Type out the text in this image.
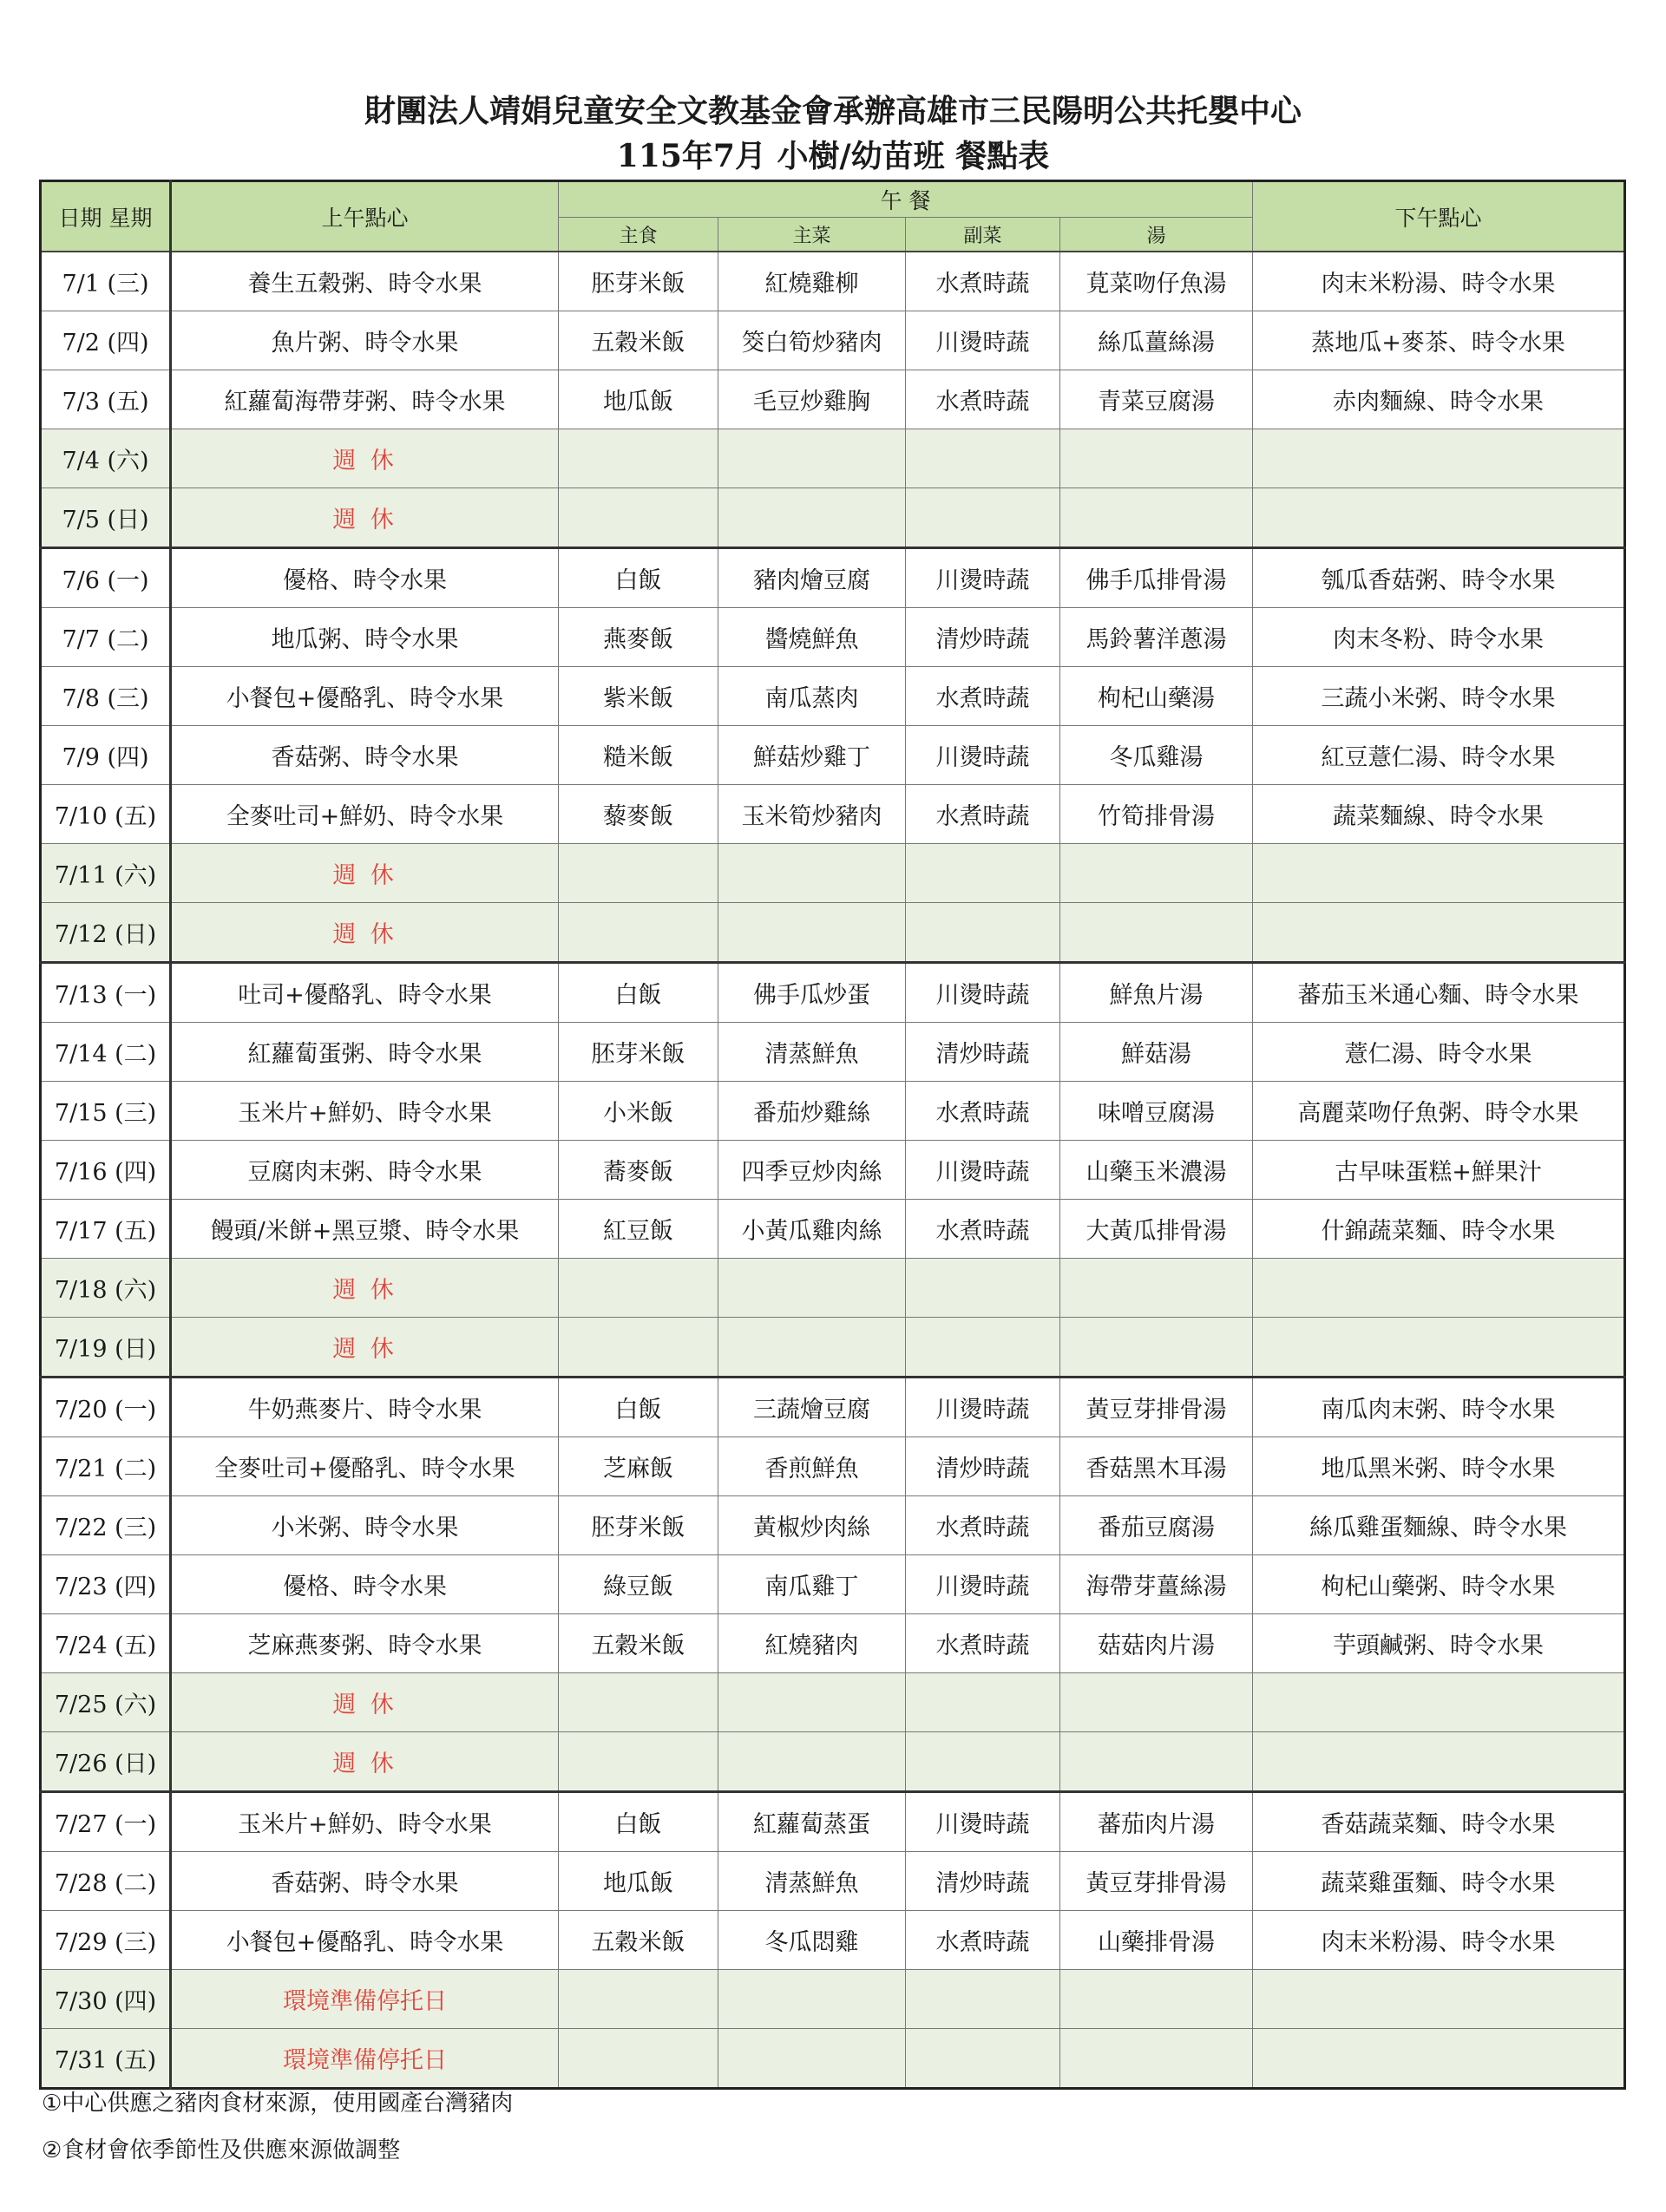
財團法人靖娟兒童安全文教基金會承辦高雄市三民陽明公共托嬰中心
115年7月 小樹/幼苗班 餐點表
日期 星期	上午點心	午 餐				下午點心
		主食	主菜	副菜	湯	
7/1 (三)	養生五穀粥、時令水果	胚芽米飯	紅燒雞柳	水煮時蔬	莧菜吻仔魚湯	肉末米粉湯、時令水果
7/2 (四)	魚片粥、時令水果	五穀米飯	筊白筍炒豬肉	川燙時蔬	絲瓜薑絲湯	蒸地瓜+麥茶、時令水果
7/3 (五)	紅蘿蔔海帶芽粥、時令水果	地瓜飯	毛豆炒雞胸	水煮時蔬	青菜豆腐湯	赤肉麵線、時令水果
7/4 (六)	週 休					
7/5 (日)	週 休					
7/6 (一)	優格、時令水果	白飯	豬肉燴豆腐	川燙時蔬	佛手瓜排骨湯	瓠瓜香菇粥、時令水果
7/7 (二)	地瓜粥、時令水果	燕麥飯	醬燒鮮魚	清炒時蔬	馬鈴薯洋蔥湯	肉末冬粉、時令水果
7/8 (三)	小餐包+優酪乳、時令水果	紫米飯	南瓜蒸肉	水煮時蔬	枸杞山藥湯	三蔬小米粥、時令水果
7/9 (四)	香菇粥、時令水果	糙米飯	鮮菇炒雞丁	川燙時蔬	冬瓜雞湯	紅豆薏仁湯、時令水果
7/10 (五)	全麥吐司+鮮奶、時令水果	藜麥飯	玉米筍炒豬肉	水煮時蔬	竹筍排骨湯	蔬菜麵線、時令水果
7/11 (六)	週 休					
7/12 (日)	週 休					
7/13 (一)	吐司+優酪乳、時令水果	白飯	佛手瓜炒蛋	川燙時蔬	鮮魚片湯	蕃茄玉米通心麵、時令水果
7/14 (二)	紅蘿蔔蛋粥、時令水果	胚芽米飯	清蒸鮮魚	清炒時蔬	鮮菇湯	薏仁湯、時令水果
7/15 (三)	玉米片+鮮奶、時令水果	小米飯	番茄炒雞絲	水煮時蔬	味噌豆腐湯	高麗菜吻仔魚粥、時令水果
7/16 (四)	豆腐肉末粥、時令水果	蕎麥飯	四季豆炒肉絲	川燙時蔬	山藥玉米濃湯	古早味蛋糕+鮮果汁
7/17 (五)	饅頭/米餅+黑豆漿、時令水果	紅豆飯	小黃瓜雞肉絲	水煮時蔬	大黃瓜排骨湯	什錦蔬菜麵、時令水果
7/18 (六)	週 休					
7/19 (日)	週 休					
7/20 (一)	牛奶燕麥片、時令水果	白飯	三蔬燴豆腐	川燙時蔬	黃豆芽排骨湯	南瓜肉末粥、時令水果
7/21 (二)	全麥吐司+優酪乳、時令水果	芝麻飯	香煎鮮魚	清炒時蔬	香菇黑木耳湯	地瓜黑米粥、時令水果
7/22 (三)	小米粥、時令水果	胚芽米飯	黃椒炒肉絲	水煮時蔬	番茄豆腐湯	絲瓜雞蛋麵線、時令水果
7/23 (四)	優格、時令水果	綠豆飯	南瓜雞丁	川燙時蔬	海帶芽薑絲湯	枸杞山藥粥、時令水果
7/24 (五)	芝麻燕麥粥、時令水果	五穀米飯	紅燒豬肉	水煮時蔬	菇菇肉片湯	芋頭鹹粥、時令水果
7/25 (六)	週 休					
7/26 (日)	週 休					
7/27 (一)	玉米片+鮮奶、時令水果	白飯	紅蘿蔔蒸蛋	川燙時蔬	蕃茄肉片湯	香菇蔬菜麵、時令水果
7/28 (二)	香菇粥、時令水果	地瓜飯	清蒸鮮魚	清炒時蔬	黃豆芽排骨湯	蔬菜雞蛋麵、時令水果
7/29 (三)	小餐包+優酪乳、時令水果	五穀米飯	冬瓜悶雞	水煮時蔬	山藥排骨湯	肉末米粉湯、時令水果
7/30 (四)	環境準備停托日					
7/31 (五)	環境準備停托日					
①中心供應之豬肉食材來源，使用國產台灣豬肉
②食材會依季節性及供應來源做調整
